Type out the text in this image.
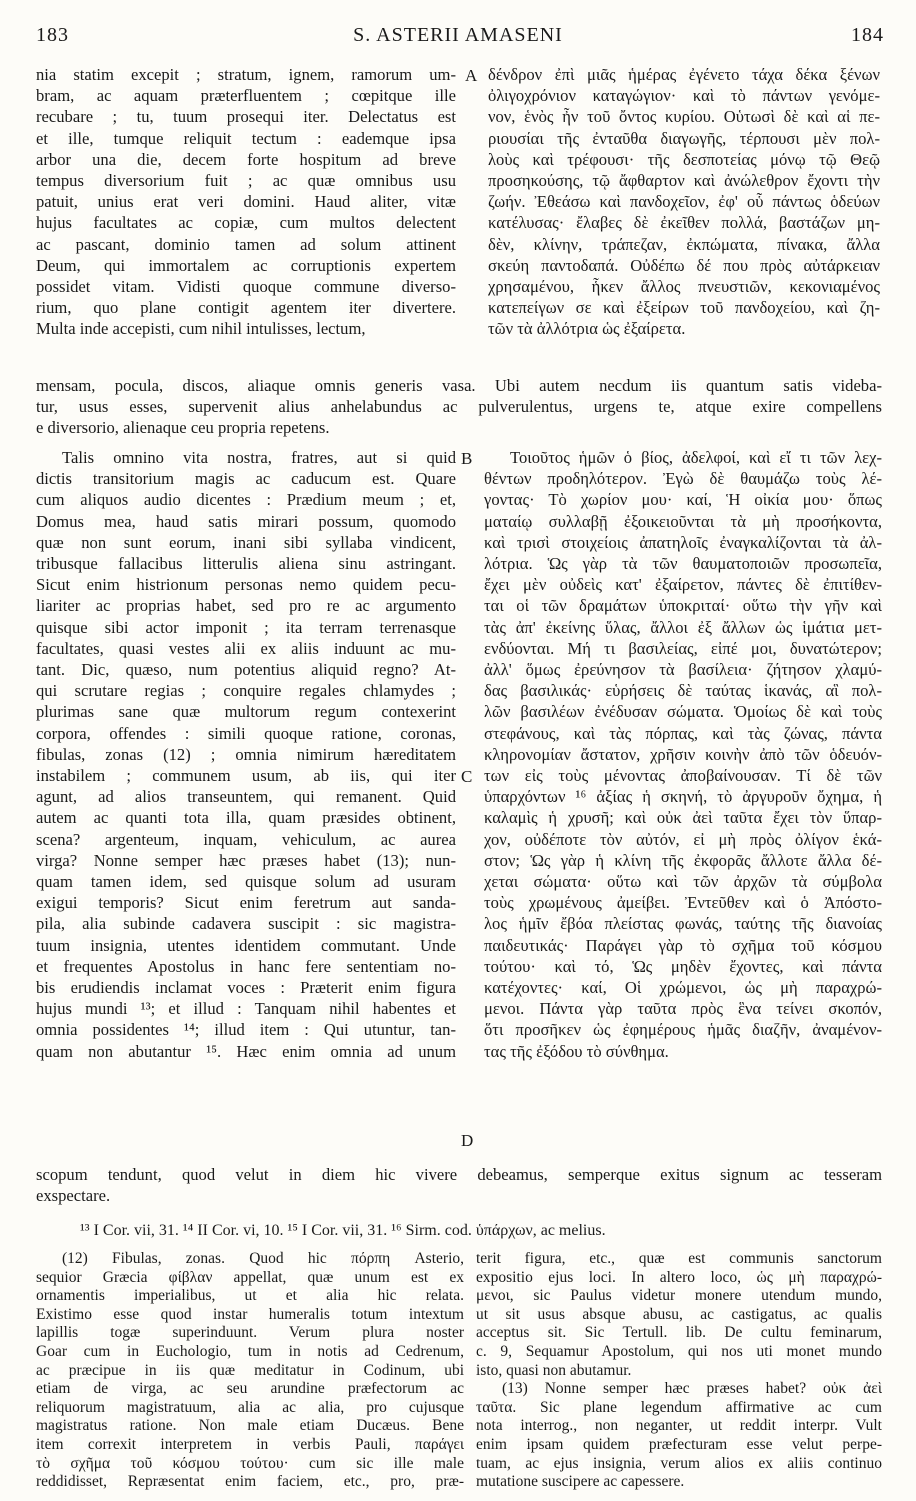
183	S. ASTERII AMASENI	184
nia statim excepit ; stratum, ignem, ramorum um-
bram, ac aquam præterfluentem ; cœpitque ille
recubare ; tu, tuum prosequi iter. Delectatus est
et ille, tumque reliquit tectum : eademque ipsa
arbor una die, decem forte hospitum ad breve
tempus diversorium fuit ; ac quæ omnibus usu
patuit, unius erat veri domini. Haud aliter, vitæ
hujus facultates ac copiæ, cum multos delectent
ac pascant, dominio tamen ad solum attinent
Deum, qui immortalem ac corruptionis expertem
possidet vitam. Vidisti quoque commune diverso-
rium, quo plane contigit agentem iter divertere.
Multa inde accepisti, cum nihil intulisses, lectum,
δένδρον ἐπὶ μιᾶς ἡμέρας ἐγένετο τάχα δέκα ξένων
ὀλιγοχρόνιον καταγώγιον· καὶ τὸ πάντων γενόμε-
νον, ἑνὸς ἦν τοῦ ὄντος κυρίου. Οὑτωσὶ δὲ καὶ αἱ πε-
ριουσίαι τῆς ἐνταῦθα διαγωγῆς, τέρπουσι μὲν πολ-
λοὺς καὶ τρέφουσι· τῆς δεσποτείας μόνῳ τῷ Θεῷ
προσηκούσης, τῷ ἄφθαρτον καὶ ἀνώλεθρον ἔχοντι τὴν
ζωήν. Ἐθεάσω καὶ πανδοχεῖον, ἐφ' οὗ πάντως ὁδεύων
κατέλυσας· ἔλαβες δὲ ἐκεῖθεν πολλά, βαστάζων μη-
δὲν, κλίνην, τράπεζαν, ἐκπώματα, πίνακα, ἄλλα
σκεύη παντοδαπά. Οὐδέπω δέ που πρὸς αὐτάρκειαν
χρησαμένου, ἧκεν ἄλλος πνευστιῶν, κεκονιαμένος
κατεπείγων σε καὶ ἐξείρων τοῦ πανδοχείου, καὶ ζη-
τῶν τὰ ἀλλότρια ὡς ἐξαίρετα.
mensam, pocula, discos, aliaque omnis generis vasa. Ubi autem necdum iis quantum satis videba-
tur, usus esses, supervenit alius anhelabundus ac pulverulentus, urgens te, atque exire compellens
e diversorio, alienaque ceu propria repetens.
Talis omnino vita nostra, fratres, aut si quid
dictis transitorium magis ac caducum est. Quare
cum aliquos audio dicentes : Prædium meum ; et,
Domus mea, haud satis mirari possum, quomodo
quæ non sunt eorum, inani sibi syllaba vindicent,
tribusque fallacibus litterulis aliena sinu astringant.
Sicut enim histrionum personas nemo quidem pecu-
liariter ac proprias habet, sed pro re ac argumento
quisque sibi actor imponit ; ita terram terrenasque
facultates, quasi vestes alii ex aliis induunt ac mu-
tant. Dic, quæso, num potentius aliquid regno? At-
qui scrutare regias ; conquire regales chlamydes ;
plurimas sane quæ multorum regum contexerint
corpora, offendes : simili quoque ratione, coronas,
fibulas, zonas (12) ; omnia nimirum hæreditatem
instabilem ; communem usum, ab iis, qui iter
agunt, ad alios transeuntem, qui remanent. Quid
autem ac quanti tota illa, quam præsides obtinent,
scena? argenteum, inquam, vehiculum, ac aurea
virga? Nonne semper hæc præses habet (13); nun-
quam tamen idem, sed quisque solum ad usuram
exigui temporis? Sicut enim feretrum aut sanda-
pila, alia subinde cadavera suscipit : sic magistra-
tuum insignia, utentes identidem commutant. Unde
et frequentes Apostolus in hanc fere sententiam no-
bis erudiendis inclamat voces : Præterit enim figura
hujus mundi ¹³; et illud : Tanquam nihil habentes et
omnia possidentes ¹⁴; illud item : Qui utuntur, tan-
quam non abutantur ¹⁵. Hæc enim omnia ad unum
Τοιοῦτος ἡμῶν ὁ βίος, ἀδελφοί, καὶ εἴ τι τῶν λεχ-
θέντων προδηλότερον. Ἐγὼ δὲ θαυμάζω τοὺς λέ-
γοντας· Τὸ χωρίον μου· καί, Ἡ οἰκία μου· ὅπως
ματαίῳ συλλαβῇ ἐξοικειοῦνται τὰ μὴ προσήκοντα,
καὶ τρισὶ στοιχείοις ἀπατηλοῖς ἐναγκαλίζονται τὰ ἀλ-
λότρια. Ὡς γὰρ τὰ τῶν θαυματοποιῶν προσωπεῖα,
ἔχει μὲν οὐδεὶς κατ' ἐξαίρετον, πάντες δὲ ἐπιτίθεν-
ται οἱ τῶν δραμάτων ὑποκριταί· οὕτω τὴν γῆν καὶ
τὰς ἀπ' ἐκείνης ὕλας, ἄλλοι ἐξ ἄλλων ὡς ἱμάτια μετ-
ενδύονται. Μή τι βασιλείας, εἰπέ μοι, δυνατώτερον;
ἀλλ' ὅμως ἐρεύνησον τὰ βασίλεια· ζήτησον χλαμύ-
δας βασιλικάς· εὑρήσεις δὲ ταύτας ἱκανάς, αἳ πολ-
λῶν βασιλέων ἐνέδυσαν σώματα. Ὁμοίως δὲ καὶ τοὺς
στεφάνους, καὶ τὰς πόρπας, καὶ τὰς ζώνας, πάντα
κληρονομίαν ἄστατον, χρῆσιν κοινὴν ἀπὸ τῶν ὁδευόν-
των εἰς τοὺς μένοντας ἀποβαίνουσαν. Τί δὲ τῶν
ὑπαρχόντων ¹⁶ ἀξίας ἡ σκηνή, τὸ ἀργυροῦν ὄχημα, ἡ
καλαμὶς ἡ χρυσῆ; καὶ οὐκ ἀεὶ ταῦτα ἔχει τὸν ὕπαρ-
χον, οὐδέποτε τὸν αὐτόν, εἰ μὴ πρὸς ὀλίγον ἑκά-
στον; Ὡς γὰρ ἡ κλίνη τῆς ἐκφορᾶς ἄλλοτε ἄλλα δέ-
χεται σώματα· οὕτω καὶ τῶν ἀρχῶν τὰ σύμβολα
τοὺς χρωμένους ἀμείβει. Ἐντεῦθεν καὶ ὁ Ἀπόστο-
λος ἡμῖν ἔβόα πλείστας φωνάς, ταύτης τῆς διανοίας
παιδευτικάς· Παράγει γὰρ τὸ σχῆμα τοῦ κόσμου
τούτου· καὶ τό, Ὡς μηδὲν ἔχοντες, καὶ πάντα
κατέχοντες· καί, Οἱ χρώμενοι, ὡς μὴ παραχρώ-
μενοι. Πάντα γὰρ ταῦτα πρὸς ἓνα τείνει σκοπόν,
ὅτι προσῆκεν ὡς ἐφημέρους ἡμᾶς διαζῆν, ἀναμένον-
τας τῆς ἐξόδου τὸ σύνθημα.
scopum tendunt, quod velut in diem hic vivere debeamus, semperque exitus signum ac tesseram
exspectare.
A
B
C
D
¹³ I Cor. vii, 31. ¹⁴ II Cor. vi, 10. ¹⁵ I Cor. vii, 31. ¹⁶ Sirm. cod. ὑπάρχων, ac melius.
(12) Fibulas, zonas. Quod hic πόρπη Asterio,
sequior Græcia φίβλαν appellat, quæ unum est ex
ornamentis imperialibus, ut et alia hic relata.
Existimo esse quod instar humeralis totum intextum
lapillis togæ superinduunt. Verum plura noster
Goar cum in Euchologio, tum in notis ad Cedrenum,
ac præcipue in iis quæ meditatur in Codinum, ubi
etiam de virga, ac seu arundine præfectorum ac
reliquorum magistratuum, alia ac alia, pro cujusque
magistratus ratione. Non male etiam Ducæus. Bene
item correxit interpretem in verbis Pauli, παράγει
τὸ σχῆμα τοῦ κόσμου τούτου· cum sic ille male
reddidisset, Repræsentat enim faciem, etc., pro, præ-
terit figura, etc., quæ est communis sanctorum
expositio ejus loci. In altero loco, ὡς μὴ παραχρώ-
μενοι, sic Paulus videtur monere utendum mundo,
ut sit usus absque abusu, ac castigatus, ac qualis
acceptus sit. Sic Tertull. lib. De cultu feminarum,
c. 9, Sequamur Apostolum, qui nos uti monet mundo
isto, quasi non abutamur.
(13) Nonne semper hæc præses habet? οὐκ ἀεὶ
ταῦτα. Sic plane legendum affirmative ac cum
nota interrog., non neganter, ut reddit interpr. Vult
enim ipsam quidem præfecturam esse velut perpe-
tuam, ac ejus insignia, verum alios ex aliis continuo
mutatione suscipere ac capessere.
